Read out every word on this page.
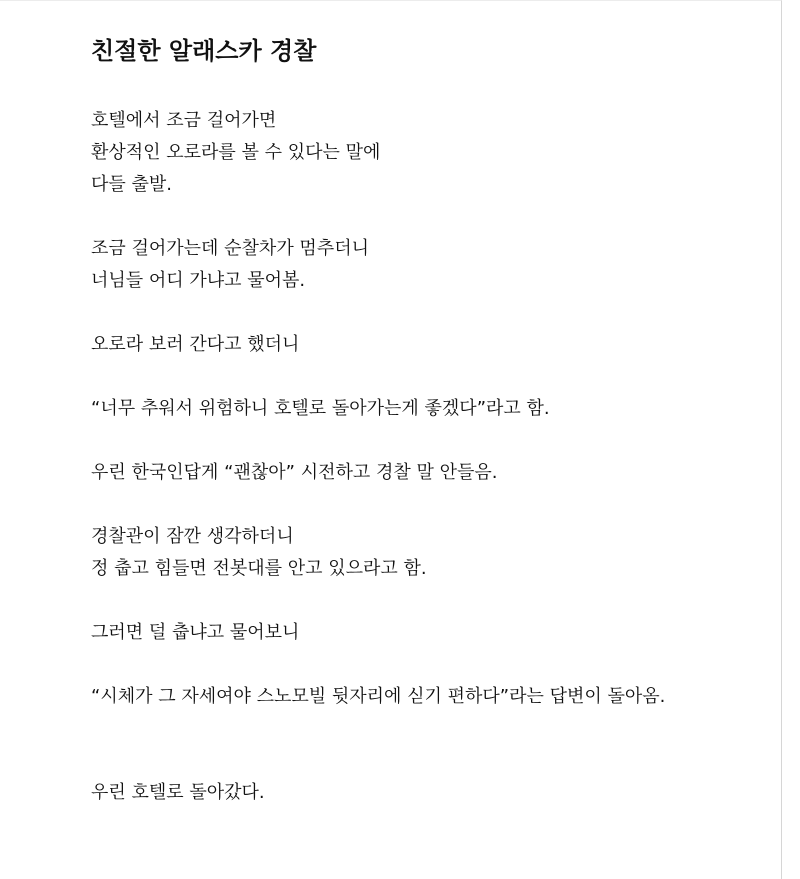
친절한 알래스카 경찰

호텔에서 조금 걸어가면
환상적인 오로라를 볼 수 있다는 말에
다들 출발.

조금 걸어가는데 순찰차가 멈추더니
너님들 어디 가냐고 물어봄.

오로라 보러 간다고 했더니

“너무 추워서 위험하니 호텔로 돌아가는게 좋겠다”라고 함.

우린 한국인답게 “괜찮아” 시전하고 경찰 말 안들음.

경찰관이 잠깐 생각하더니
정 춥고 힘들면 전봇대를 안고 있으라고 함.

그러면 덜 춥냐고 물어보니

“시체가 그 자세여야 스노모빌 뒷자리에 싣기 편하다”라는 답변이 돌아옴.

우린 호텔로 돌아갔다.
